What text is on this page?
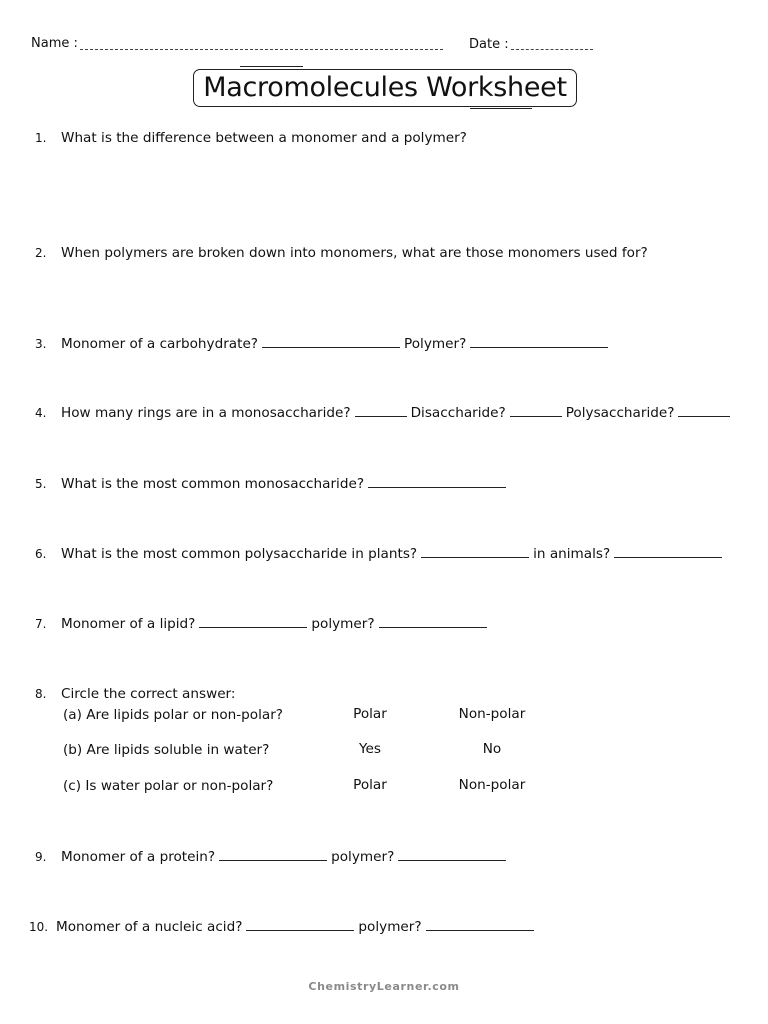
Name :	Date :
Macromolecules Worksheet
1. What is the difference between a monomer and a polymer?
2. When polymers are broken down into monomers, what are those monomers used for?
3. Monomer of a carbohydrate?	Polymer?
4. How many rings are in a monosaccharide?	Disaccharide?	Polysaccharide?
5. What is the most common monosaccharide?
6. What is the most common polysaccharide in plants?	in animals?
7. Monomer of a lipid?	polymer?
8. Circle the correct answer:
(a) Are lipids polar or non-polar?	Polar	Non-polar
(b) Are lipids soluble in water?	Yes	No
(c) Is water polar or non-polar?	Polar	Non-polar
9. Monomer of a protein?	polymer?
10. Monomer of a nucleic acid?	polymer?
ChemistryLearner.com
